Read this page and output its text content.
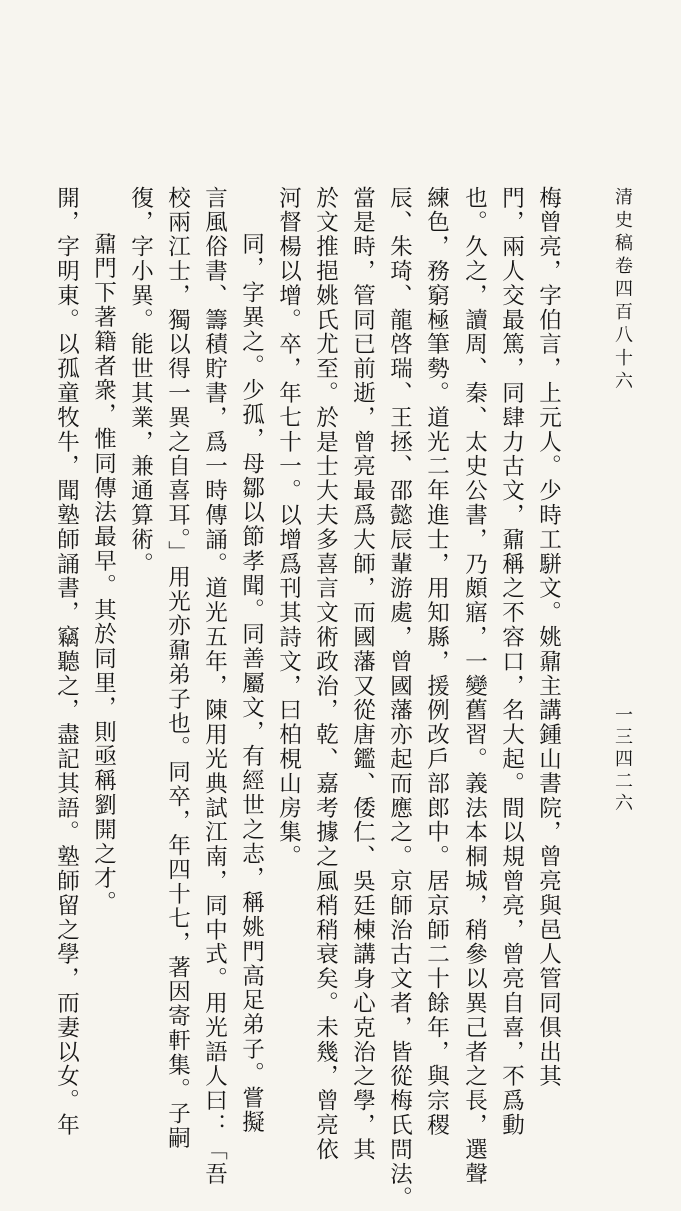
清史稿卷四百八十六
一三四二六
梅曾亮，字伯言，上元人。少時工駢文。姚鼐主講鍾山書院，曾亮與邑人管同俱出其
門，兩人交最篤，同肆力古文，鼐稱之不容口，名大起。間以規曾亮，曾亮自喜，不爲動
也。久之，讀周、秦、太史公書，乃頗寤，一變舊習。義法本桐城，稍參以異己者之長，選聲
練色，務窮極筆勢。道光二年進士，用知縣，援例改戶部郎中。居京師二十餘年，與宗稷
辰、朱琦、龍啓瑞、王拯、邵懿辰輩游處，曾國藩亦起而應之。京師治古文者，皆從梅氏問法。
當是時，管同已前逝，曾亮最爲大師，而國藩又從唐鑑、倭仁、吳廷棟講身心克治之學，其
於文推挹姚氏尤至。於是士大夫多喜言文術政治，乾、嘉考據之風稍稍衰矣。未幾，曾亮依
河督楊以增。卒，年七十一。以增爲刊其詩文，曰柏梘山房集。
同，字異之。少孤，母鄒以節孝聞。同善屬文，有經世之志，稱姚門高足弟子。嘗擬
言風俗書、籌積貯書，爲一時傳誦。道光五年，陳用光典試江南，同中式。用光語人曰：「吾
校兩江士，獨以得一異之自喜耳。」用光亦鼐弟子也。同卒，年四十七，著因寄軒集。子嗣
復，字小異。能世其業，兼通算術。
鼐門下著籍者衆，惟同傳法最早。其於同里，則亟稱劉開之才。
開，字明東。以孤童牧牛，聞塾師誦書，竊聽之，盡記其語。塾師留之學，而妻以女。年
